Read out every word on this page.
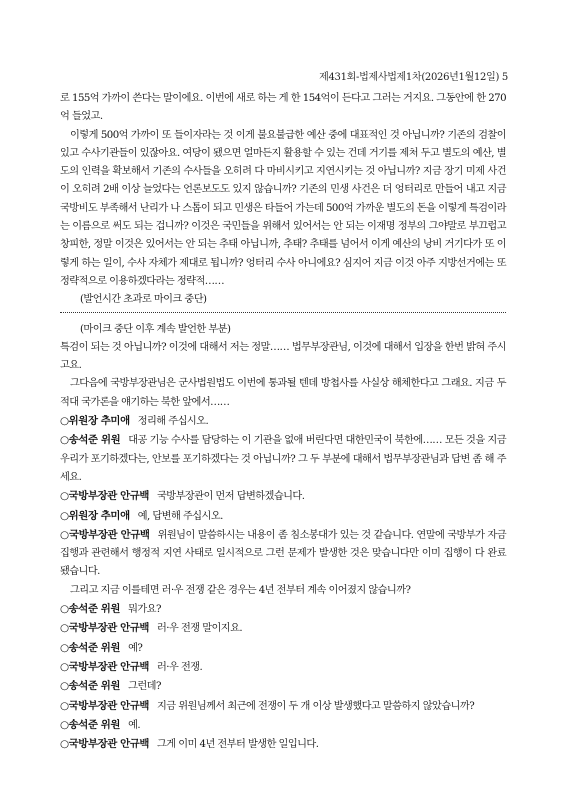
제431회-법제사법제1차(2026년1월12일) 5

로 155억 가까이 쓴다는 말이에요. 이번에 새로 하는 게 한 154억이 든다고 그러는 거지요. 그동안에 한 270억 들었고.

이렇게 500억 가까이 또 들이자라는 것 이게 불요불급한 예산 중에 대표적인 것 아닙니까? 기존의 검찰이 있고 수사기관들이 있잖아요. 여당이 됐으면 얼마든지 활용할 수 있는 건데 거기를 제처 두고 별도의 예산, 별도의 인력을 확보해서 기존의 수사들을 오히려 다 마비시키고 지연시키는 것 아닙니까? 지금 장기 미제 사건이 오히려 2배 이상 늘었다는 언론보도도 있지 않습니까? 기존의 민생 사건은 더 엉터리로 만들어 내고 지금 국방비도 부족해서 난리가 나 스톱이 되고 민생은 타들어 가는데 500억 가까운 별도의 돈을 이렇게 특검이라는 이름으로 써도 되는 겁니까? 이것은 국민들을 위해서 있어서는 안 되는 이재명 정부의 그야말로 부끄럽고 창피한, 정말 이것은 있어서는 안 되는 추태 아닙니까, 추태? 추태를 넘어서 이게 예산의 낭비 거기다가 또 이렇게 하는 일이, 수사 자체가 제대로 됩니까? 엉터리 수사 아니에요? 심지어 지금 이것 아주 지방선거에는 또 정략적으로 이용하겠다라는 정략적……

(발언시간 초과로 마이크 중단)

(마이크 중단 이후 계속 발언한 부분)

특검이 되는 것 아닙니까? 이것에 대해서 저는 정말…… 법무부장관님, 이것에 대해서 입장을 한번 밝혀 주시고요.

그다음에 국방부장관님은 군사법원법도 이번에 통과될 텐데 방첩사를 사실상 해체한다고 그래요. 지금 두 적대 국가론을 얘기하는 북한 앞에서……

○위원장 추미애 정리해 주십시오.

○송석준 위원 대공 기능 수사를 담당하는 이 기관을 없애 버린다면 대한민국이 북한에…… 모든 것을 지금 우리가 포기하겠다는, 안보를 포기하겠다는 것 아닙니까? 그 두 부분에 대해서 법무부장관님과 답변 좀 해 주세요.

○국방부장관 안규백 국방부장관이 먼저 답변하겠습니다.

○위원장 추미애 예, 답변해 주십시오.

○국방부장관 안규백 위원님이 말씀하시는 내용이 좀 침소봉대가 있는 것 같습니다. 연말에 국방부가 자금 집행과 관련해서 행정적 지연 사태로 일시적으로 그런 문제가 발생한 것은 맞습니다만 이미 집행이 다 완료됐습니다.

그리고 지금 이를테면 러·우 전쟁 같은 경우는 4년 전부터 계속 이어졌지 않습니까?

○송석준 위원 뭐가요?

○국방부장관 안규백 러·우 전쟁 말이지요.

○송석준 위원 예?

○국방부장관 안규백 러·우 전쟁.

○송석준 위원 그런데?

○국방부장관 안규백 지금 위원님께서 최근에 전쟁이 두 개 이상 발생했다고 말씀하지 않았습니까?

○송석준 위원 예.

○국방부장관 안규백 그게 이미 4년 전부터 발생한 일입니다.
